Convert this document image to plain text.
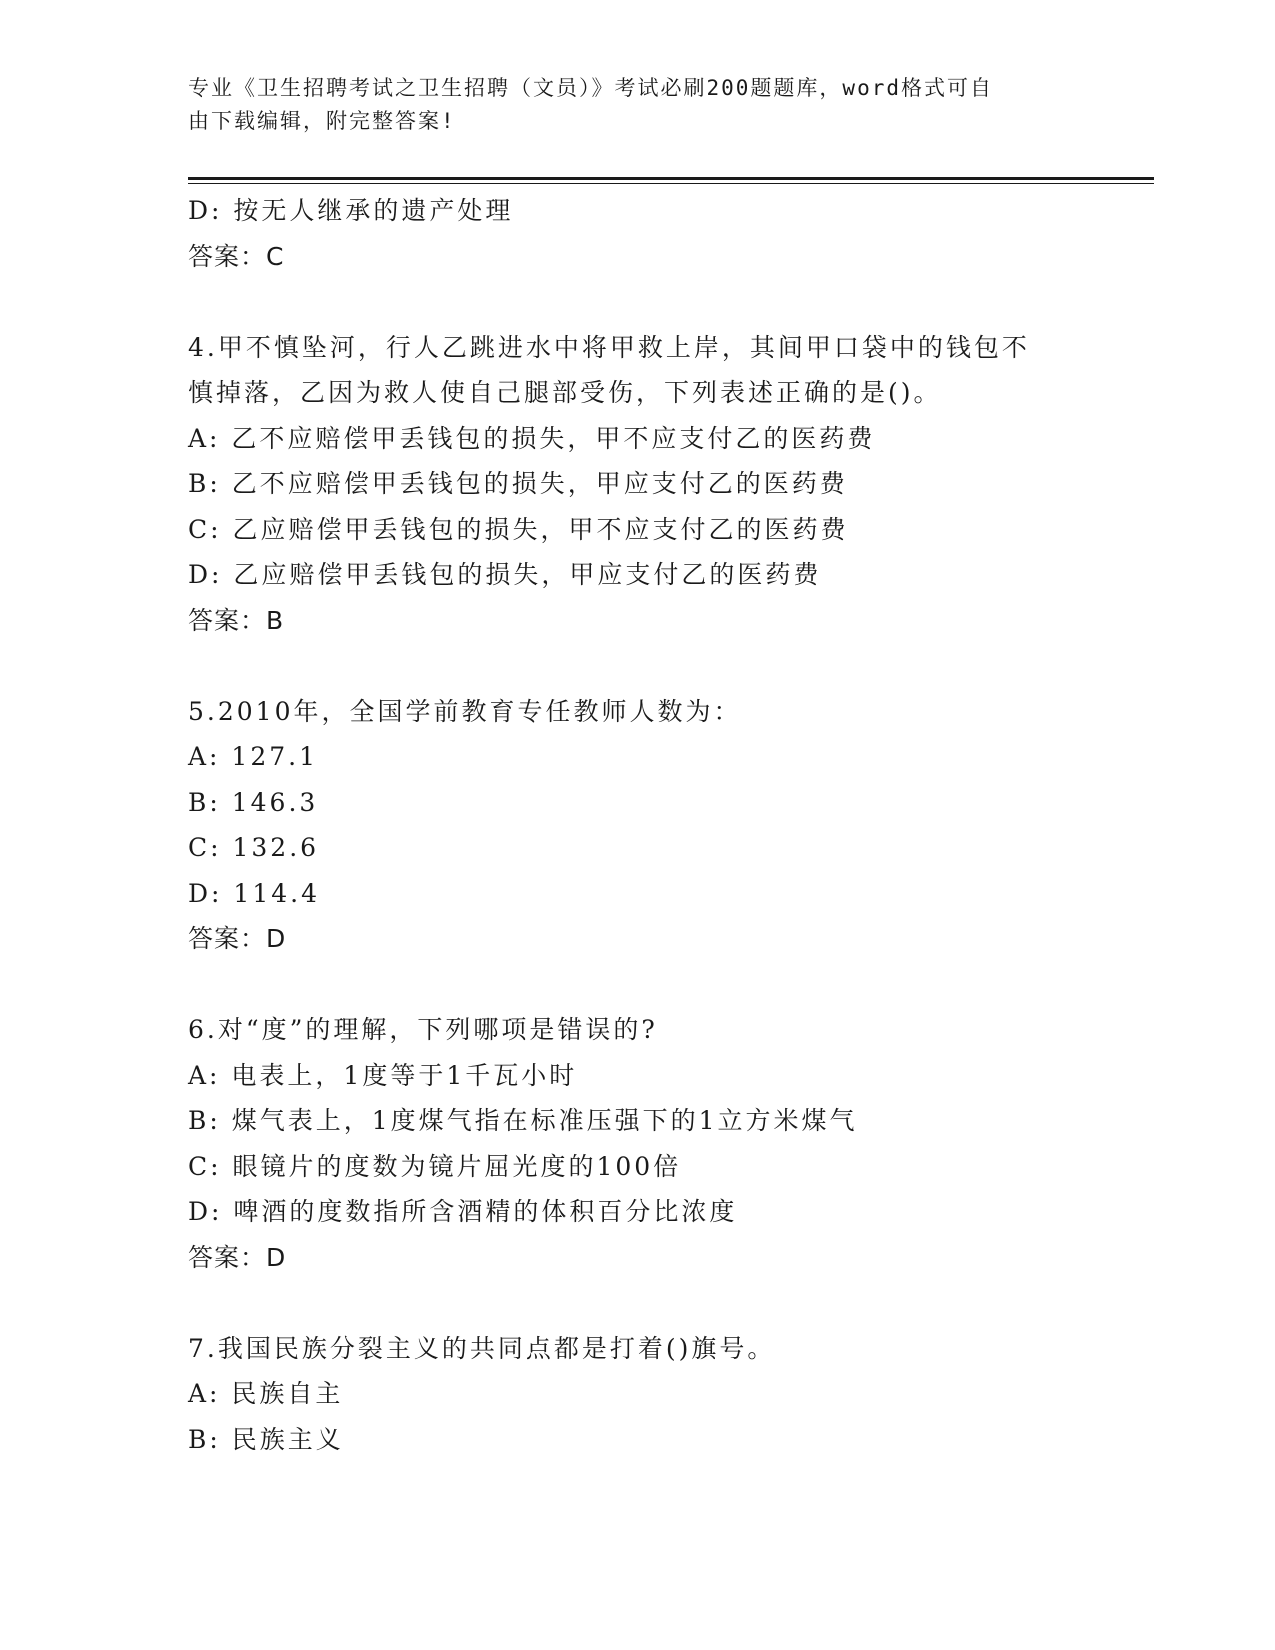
专业《卫生招聘考试之卫生招聘（文员）》考试必刷200题题库，word格式可自
由下载编辑，附完整答案!
D: 按无人继承的遗产处理
答案：C
4.甲不慎坠河，行人乙跳进水中将甲救上岸，其间甲口袋中的钱包不
慎掉落，乙因为救人使自己腿部受伤，下列表述正确的是()。
A: 乙不应赔偿甲丢钱包的损失，甲不应支付乙的医药费
B: 乙不应赔偿甲丢钱包的损失，甲应支付乙的医药费
C: 乙应赔偿甲丢钱包的损失，甲不应支付乙的医药费
D: 乙应赔偿甲丢钱包的损失，甲应支付乙的医药费
答案：B
5.2010年，全国学前教育专任教师人数为：
A: 127.1
B: 146.3
C: 132.6
D: 114.4
答案：D
6.对“度”的理解，下列哪项是错误的?
A: 电表上，1度等于1千瓦小时
B: 煤气表上，1度煤气指在标准压强下的1立方米煤气
C: 眼镜片的度数为镜片屈光度的100倍
D: 啤酒的度数指所含酒精的体积百分比浓度
答案：D
7.我国民族分裂主义的共同点都是打着()旗号。
A: 民族自主
B: 民族主义
